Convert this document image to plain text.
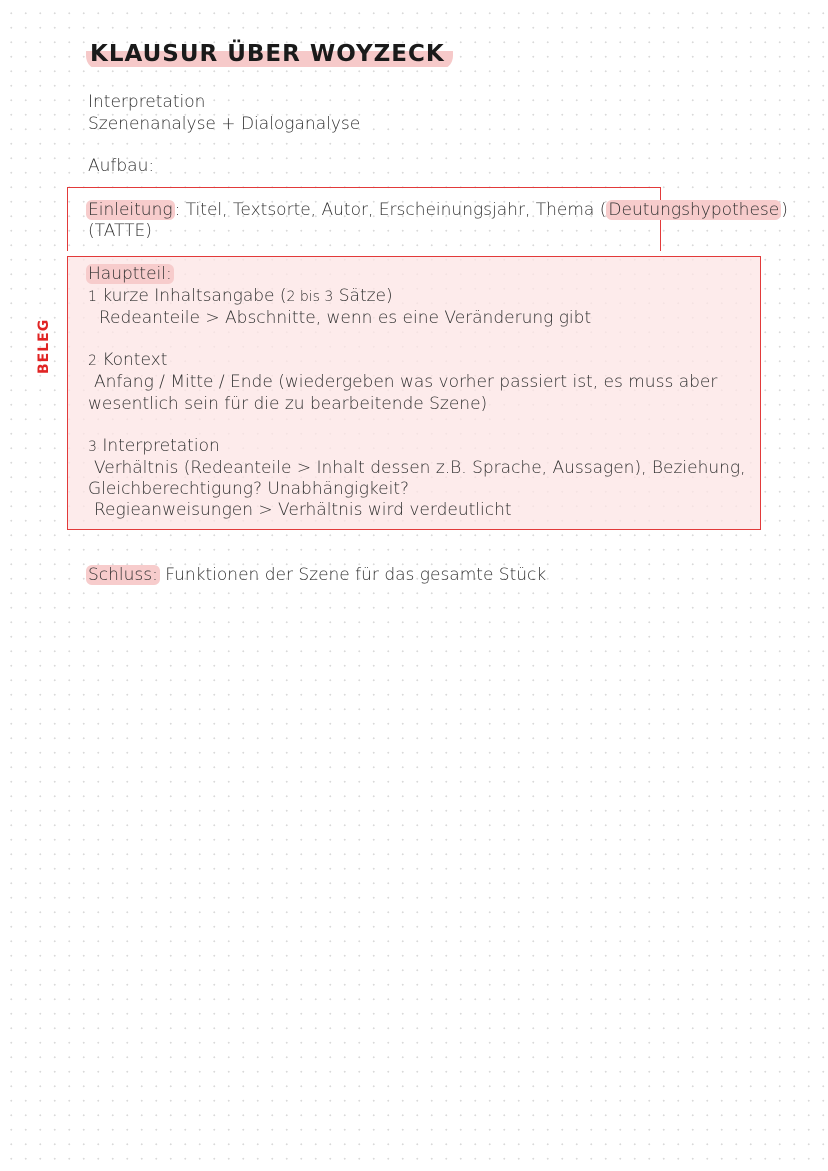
KLAUSUR ÜBER WOYZECK
Interpretation
Szenenanalyse + Dialoganalyse
Aufbau:
Einleitung : Titel, Textsorte, Autor, Erscheinungsjahr, Thema ( Deutungshypothese )
(TATTE)
BELEG
Hauptteil:
1 kurze Inhaltsangabe (2 bis 3 Sätze)
Redeanteile > Abschnitte, wenn es eine Veränderung gibt
2 Kontext
Anfang / Mitte / Ende (wiedergeben was vorher passiert ist, es muss aber
wesentlich sein für die zu bearbeitende Szene)
3 Interpretation
Verhältnis (Redeanteile > Inhalt dessen z.B. Sprache, Aussagen), Beziehung,
Gleichberechtigung? Unabhängigkeit?
Regieanweisungen > Verhältnis wird verdeutlicht
Schluss: Funktionen der Szene für das gesamte Stück
